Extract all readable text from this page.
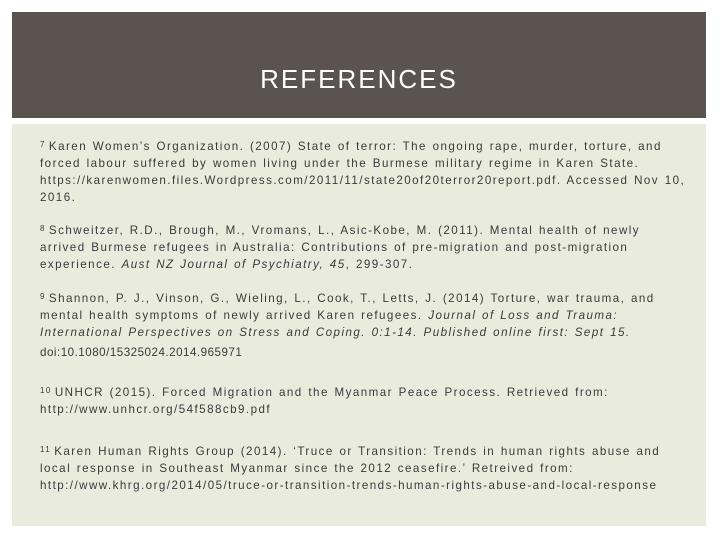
REFERENCES
$^7$ Karen Women’s Organization. (2007) State of terror: The ongoing rape, murder, torture, and forced labour suffered by women living under the Burmese military regime in Karen State. https://karenwomen.files.Wordpress.com/2011/11/state20of20terror20report.pdf. Accessed Nov 10, 2016.
$^8$ Schweitzer, R.D., Brough, M., Vromans, L., Asic-Kobe, M. (2011). Mental health of newly arrived Burmese refugees in Australia: Contributions of pre-migration and post-migration experience. Aust NZ Journal of Psychiatry, 45, 299-307.
$^9$ Shannon, P. J., Vinson, G., Wieling, L., Cook, T., Letts, J. (2014) Torture, war trauma, and mental health symptoms of newly arrived Karen refugees. Journal of Loss and Trauma: International Perspectives on Stress and Coping. 0:1-14. Published online first: Sept 15.
doi:10.1080/15325024.2014.965971
$^{10}$ UNHCR (2015). Forced Migration and the Myanmar Peace Process. Retrieved from: http://www.unhcr.org/54f588cb9.pdf
$^{11}$ Karen Human Rights Group (2014). ‘Truce or Transition: Trends in human rights abuse and local response in Southeast Myanmar since the 2012 ceasefire.’ Retreived from: http://www.khrg.org/2014/05/truce-or-transition-trends-human-rights-abuse-and-local-response
